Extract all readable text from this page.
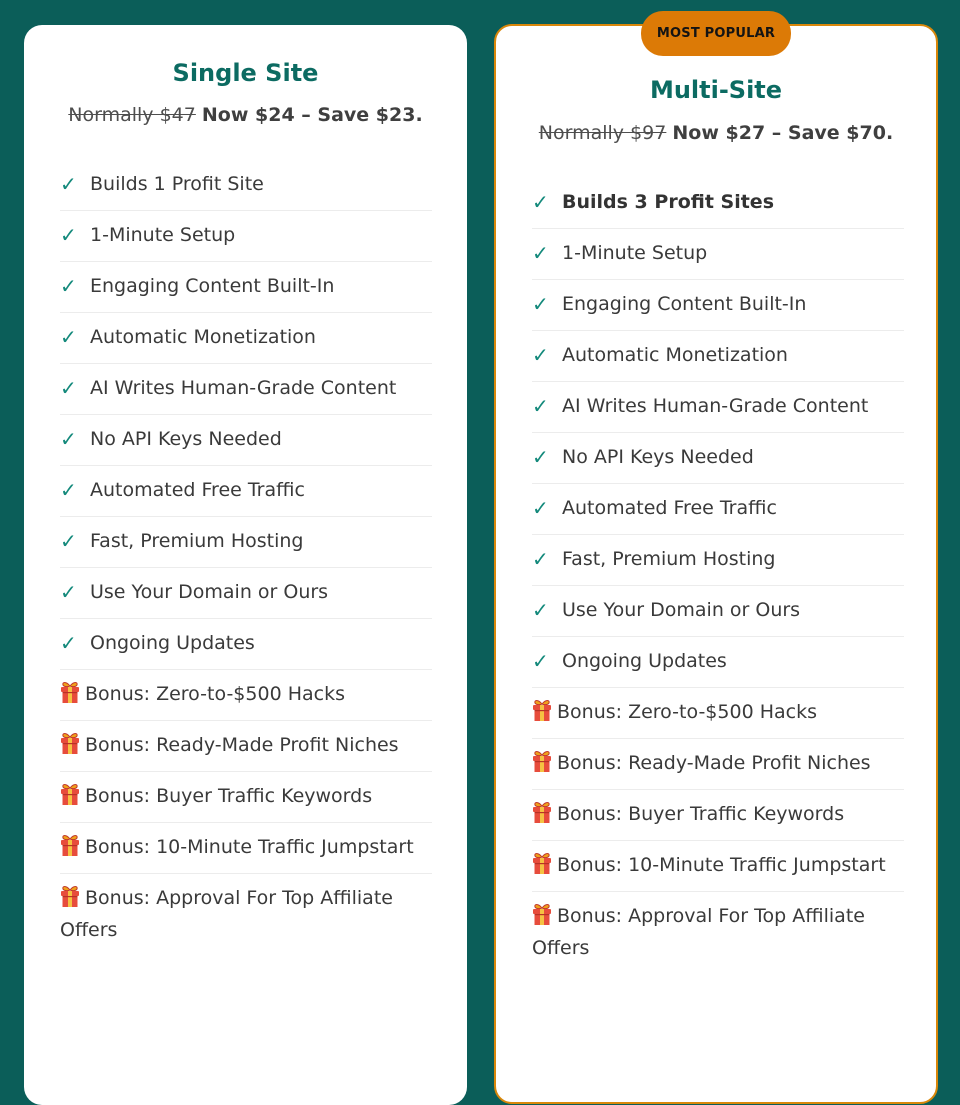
MOST POPULAR
Single Site
Normally $47 Now $24 – Save $23.
✓ Builds 1 Profit Site
✓ 1-Minute Setup
✓ Engaging Content Built-In
✓ Automatic Monetization
✓ AI Writes Human-Grade Content
✓ No API Keys Needed
✓ Automated Free Traffic
✓ Fast, Premium Hosting
✓ Use Your Domain or Ours
✓ Ongoing Updates
Bonus: Zero-to-$500 Hacks
Bonus: Ready-Made Profit Niches
Bonus: Buyer Traffic Keywords
Bonus: 10-Minute Traffic Jumpstart
Bonus: Approval For Top Affiliate Offers
Multi-Site
Normally $97 Now $27 – Save $70.
✓ Builds 3 Profit Sites
✓ 1-Minute Setup
✓ Engaging Content Built-In
✓ Automatic Monetization
✓ AI Writes Human-Grade Content
✓ No API Keys Needed
✓ Automated Free Traffic
✓ Fast, Premium Hosting
✓ Use Your Domain or Ours
✓ Ongoing Updates
Bonus: Zero-to-$500 Hacks
Bonus: Ready-Made Profit Niches
Bonus: Buyer Traffic Keywords
Bonus: 10-Minute Traffic Jumpstart
Bonus: Approval For Top Affiliate Offers
